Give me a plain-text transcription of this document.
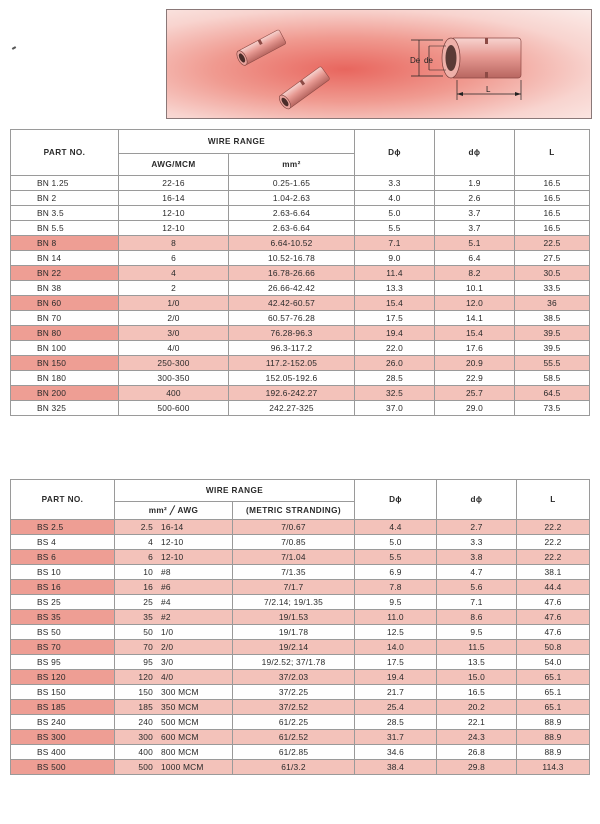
De de
L
PART NO.	WIRE RANGE		Dϕ	dϕ	L
	AWG/MCM	mm²			
BN 1.25	22-16	0.25-1.65	3.3	1.9	16.5
BN 2	16-14	1.04-2.63	4.0	2.6	16.5
BN 3.5	12-10	2.63-6.64	5.0	3.7	16.5
BN 5.5	12-10	2.63-6.64	5.5	3.7	16.5
BN 8	8	6.64-10.52	7.1	5.1	22.5
BN 14	6	10.52-16.78	9.0	6.4	27.5
BN 22	4	16.78-26.66	11.4	8.2	30.5
BN 38	2	26.66-42.42	13.3	10.1	33.5
BN 60	1/0	42.42-60.57	15.4	12.0	36
BN 70	2/0	60.57-76.28	17.5	14.1	38.5
BN 80	3/0	76.28-96.3	19.4	15.4	39.5
BN 100	4/0	96.3-117.2	22.0	17.6	39.5
BN 150	250-300	117.2-152.05	26.0	20.9	55.5
BN 180	300-350	152.05-192.6	28.5	22.9	58.5
BN 200	400	192.6-242.27	32.5	25.7	64.5
BN 325	500-600	242.27-325	37.0	29.0	73.5
PART NO.	WIRE RANGE		Dϕ	dϕ	L
	mm² ╱ AWG	(METRIC STRANDING)			
BS 2.5	2.5 16-14	7/0.67	4.4	2.7	22.2
BS 4	4 12-10	7/0.85	5.0	3.3	22.2
BS 6	6 12-10	7/1.04	5.5	3.8	22.2
BS 10	10 #8	7/1.35	6.9	4.7	38.1
BS 16	16 #6	7/1.7	7.8	5.6	44.4
BS 25	25 #4	7/2.14; 19/1.35	9.5	7.1	47.6
BS 35	35 #2	19/1.53	11.0	8.6	47.6
BS 50	50 1/0	19/1.78	12.5	9.5	47.6
BS 70	70 2/0	19/2.14	14.0	11.5	50.8
BS 95	95 3/0	19/2.52; 37/1.78	17.5	13.5	54.0
BS 120	120 4/0	37/2.03	19.4	15.0	65.1
BS 150	150 300 MCM	37/2.25	21.7	16.5	65.1
BS 185	185 350 MCM	37/2.52	25.4	20.2	65.1
BS 240	240 500 MCM	61/2.25	28.5	22.1	88.9
BS 300	300 600 MCM	61/2.52	31.7	24.3	88.9
BS 400	400 800 MCM	61/2.85	34.6	26.8	88.9
BS 500	500 1000 MCM	61/3.2	38.4	29.8	114.3
